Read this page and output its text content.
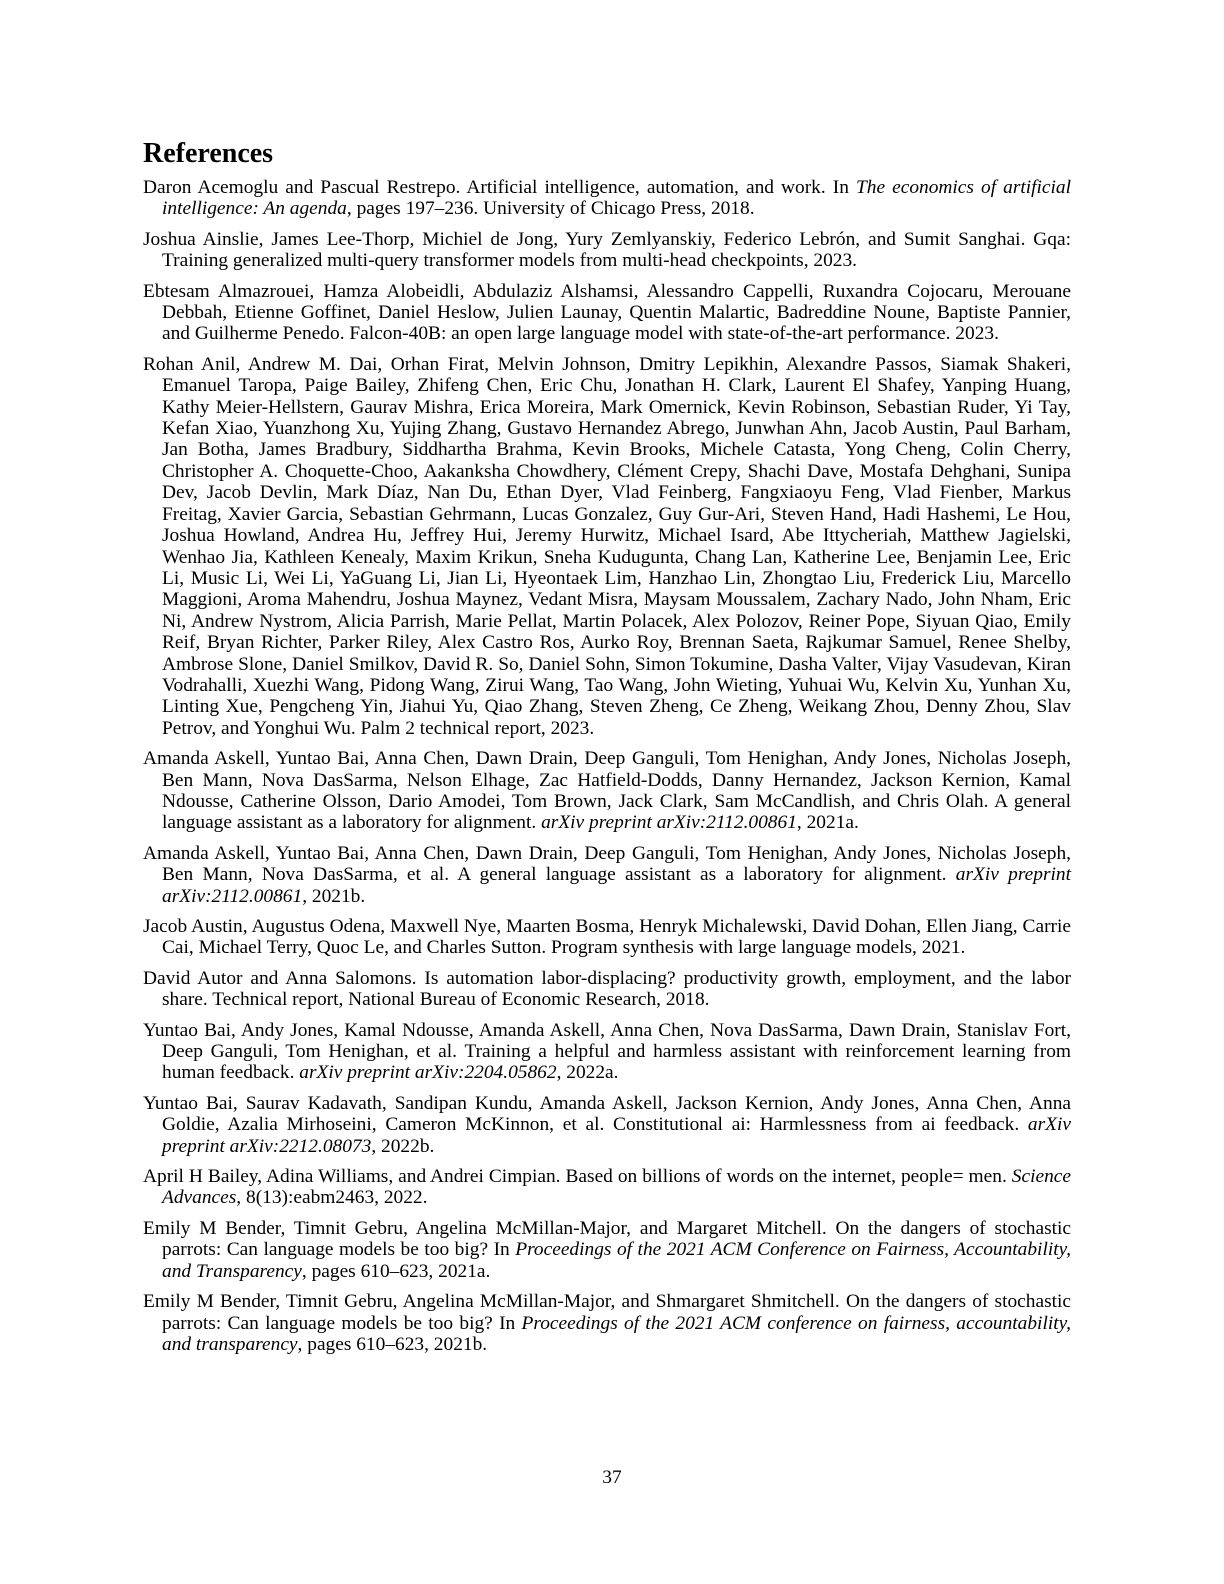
References
Daron Acemoglu and Pascual Restrepo. Artificial intelligence, automation, and work. In The economics of artificial intelligence: An agenda, pages 197–236. University of Chicago Press, 2018.
Joshua Ainslie, James Lee-Thorp, Michiel de Jong, Yury Zemlyanskiy, Federico Lebrón, and Sumit Sanghai. Gqa: Training generalized multi-query transformer models from multi-head checkpoints, 2023.
Ebtesam Almazrouei, Hamza Alobeidli, Abdulaziz Alshamsi, Alessandro Cappelli, Ruxandra Cojocaru, Merouane Debbah, Etienne Goffinet, Daniel Heslow, Julien Launay, Quentin Malartic, Badreddine Noune, Baptiste Pannier, and Guilherme Penedo. Falcon-40B: an open large language model with state-of-the-art performance. 2023.
Rohan Anil, Andrew M. Dai, Orhan Firat, Melvin Johnson, Dmitry Lepikhin, Alexandre Passos, Siamak Shakeri, Emanuel Taropa, Paige Bailey, Zhifeng Chen, Eric Chu, Jonathan H. Clark, Laurent El Shafey, Yanping Huang, Kathy Meier-Hellstern, Gaurav Mishra, Erica Moreira, Mark Omernick, Kevin Robinson, Sebastian Ruder, Yi Tay, Kefan Xiao, Yuanzhong Xu, Yujing Zhang, Gustavo Hernandez Abrego, Junwhan Ahn, Jacob Austin, Paul Barham, Jan Botha, James Bradbury, Siddhartha Brahma, Kevin Brooks, Michele Catasta, Yong Cheng, Colin Cherry, Christopher A. Choquette-Choo, Aakanksha Chowdhery, Clément Crepy, Shachi Dave, Mostafa Dehghani, Sunipa Dev, Jacob Devlin, Mark Díaz, Nan Du, Ethan Dyer, Vlad Feinberg, Fangxiaoyu Feng, Vlad Fienber, Markus Freitag, Xavier Garcia, Sebastian Gehrmann, Lucas Gonzalez, Guy Gur-Ari, Steven Hand, Hadi Hashemi, Le Hou, Joshua Howland, Andrea Hu, Jeffrey Hui, Jeremy Hurwitz, Michael Isard, Abe Ittycheriah, Matthew Jagielski, Wenhao Jia, Kathleen Kenealy, Maxim Krikun, Sneha Kudugunta, Chang Lan, Katherine Lee, Benjamin Lee, Eric Li, Music Li, Wei Li, YaGuang Li, Jian Li, Hyeontaek Lim, Hanzhao Lin, Zhongtao Liu, Frederick Liu, Marcello Maggioni, Aroma Mahendru, Joshua Maynez, Vedant Misra, Maysam Moussalem, Zachary Nado, John Nham, Eric Ni, Andrew Nystrom, Alicia Parrish, Marie Pellat, Martin Polacek, Alex Polozov, Reiner Pope, Siyuan Qiao, Emily Reif, Bryan Richter, Parker Riley, Alex Castro Ros, Aurko Roy, Brennan Saeta, Rajkumar Samuel, Renee Shelby, Ambrose Slone, Daniel Smilkov, David R. So, Daniel Sohn, Simon Tokumine, Dasha Valter, Vijay Vasudevan, Kiran Vodrahalli, Xuezhi Wang, Pidong Wang, Zirui Wang, Tao Wang, John Wieting, Yuhuai Wu, Kelvin Xu, Yunhan Xu, Linting Xue, Pengcheng Yin, Jiahui Yu, Qiao Zhang, Steven Zheng, Ce Zheng, Weikang Zhou, Denny Zhou, Slav Petrov, and Yonghui Wu. Palm 2 technical report, 2023.
Amanda Askell, Yuntao Bai, Anna Chen, Dawn Drain, Deep Ganguli, Tom Henighan, Andy Jones, Nicholas Joseph, Ben Mann, Nova DasSarma, Nelson Elhage, Zac Hatfield-Dodds, Danny Hernandez, Jackson Kernion, Kamal Ndousse, Catherine Olsson, Dario Amodei, Tom Brown, Jack Clark, Sam McCandlish, and Chris Olah. A general language assistant as a laboratory for alignment. arXiv preprint arXiv:2112.00861, 2021a.
Amanda Askell, Yuntao Bai, Anna Chen, Dawn Drain, Deep Ganguli, Tom Henighan, Andy Jones, Nicholas Joseph, Ben Mann, Nova DasSarma, et al. A general language assistant as a laboratory for alignment. arXiv preprint arXiv:2112.00861, 2021b.
Jacob Austin, Augustus Odena, Maxwell Nye, Maarten Bosma, Henryk Michalewski, David Dohan, Ellen Jiang, Carrie Cai, Michael Terry, Quoc Le, and Charles Sutton. Program synthesis with large language models, 2021.
David Autor and Anna Salomons. Is automation labor-displacing? productivity growth, employment, and the labor share. Technical report, National Bureau of Economic Research, 2018.
Yuntao Bai, Andy Jones, Kamal Ndousse, Amanda Askell, Anna Chen, Nova DasSarma, Dawn Drain, Stanislav Fort, Deep Ganguli, Tom Henighan, et al. Training a helpful and harmless assistant with reinforcement learning from human feedback. arXiv preprint arXiv:2204.05862, 2022a.
Yuntao Bai, Saurav Kadavath, Sandipan Kundu, Amanda Askell, Jackson Kernion, Andy Jones, Anna Chen, Anna Goldie, Azalia Mirhoseini, Cameron McKinnon, et al. Constitutional ai: Harmlessness from ai feedback. arXiv preprint arXiv:2212.08073, 2022b.
April H Bailey, Adina Williams, and Andrei Cimpian. Based on billions of words on the internet, people= men. Science Advances, 8(13):eabm2463, 2022.
Emily M Bender, Timnit Gebru, Angelina McMillan-Major, and Margaret Mitchell. On the dangers of stochastic parrots: Can language models be too big? In Proceedings of the 2021 ACM Conference on Fairness, Accountability, and Transparency, pages 610–623, 2021a.
Emily M Bender, Timnit Gebru, Angelina McMillan-Major, and Shmargaret Shmitchell. On the dangers of stochastic parrots: Can language models be too big? In Proceedings of the 2021 ACM conference on fairness, accountability, and transparency, pages 610–623, 2021b.
37
